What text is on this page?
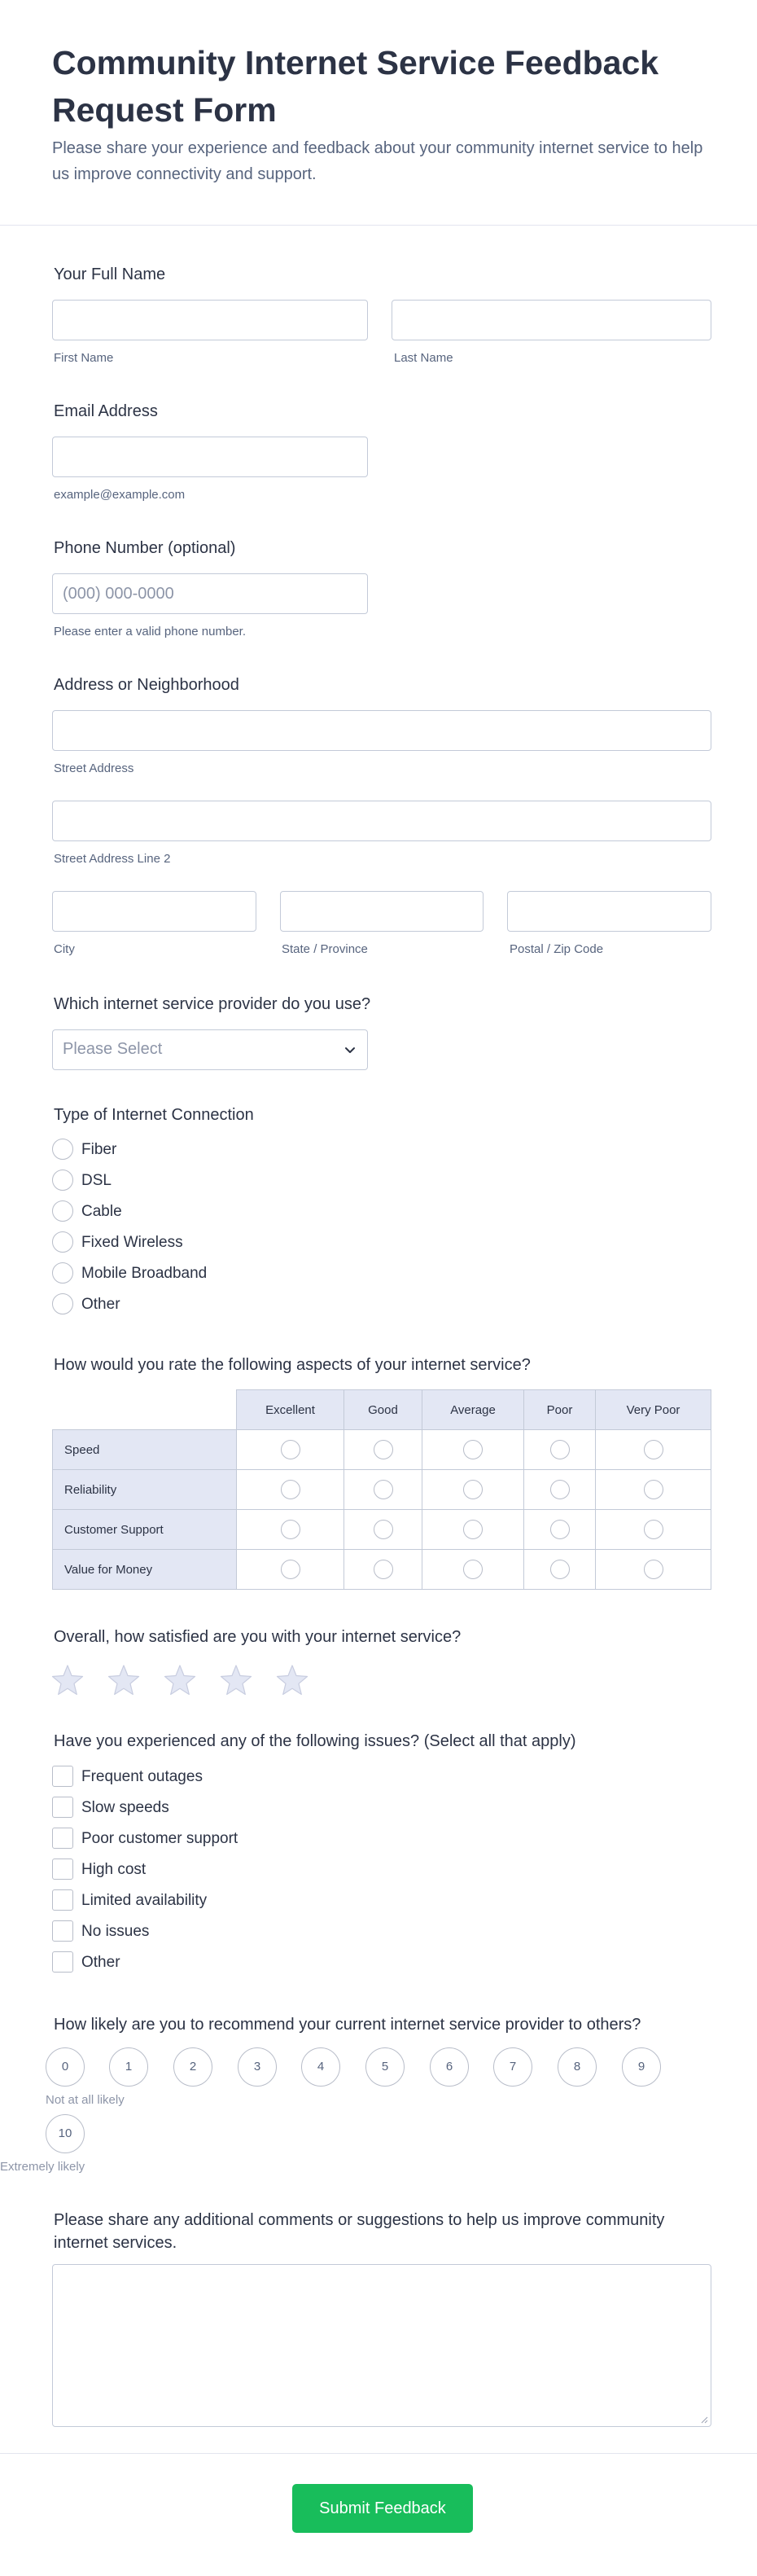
Community Internet Service Feedback Request Form
Please share your experience and feedback about your community internet service to help us improve connectivity and support.
Your Full Name
First Name	Last Name
Email Address
example@example.com
Phone Number (optional)
(000) 000-0000
Please enter a valid phone number.
Address or Neighborhood
Street Address
Street Address Line 2
City	State / Province	Postal / Zip Code
Which internet service provider do you use?
Please Select
Type of Internet Connection
Fiber
DSL
Cable
Fixed Wireless
Mobile Broadband
Other
How would you rate the following aspects of your internet service?
	Excellent	Good	Average	Poor	Very Poor
Speed					
Reliability					
Customer Support					
Value for Money					
Overall, how satisfied are you with your internet service?
Have you experienced any of the following issues? (Select all that apply)
Frequent outages
Slow speeds
Poor customer support
High cost
Limited availability
No issues
Other
How likely are you to recommend your current internet service provider to others?
0	1	2	3	4	5	6	7	8	9
Not at all likely
10
Extremely likely
Please share any additional comments or suggestions to help us improve community internet services.
Submit Feedback
